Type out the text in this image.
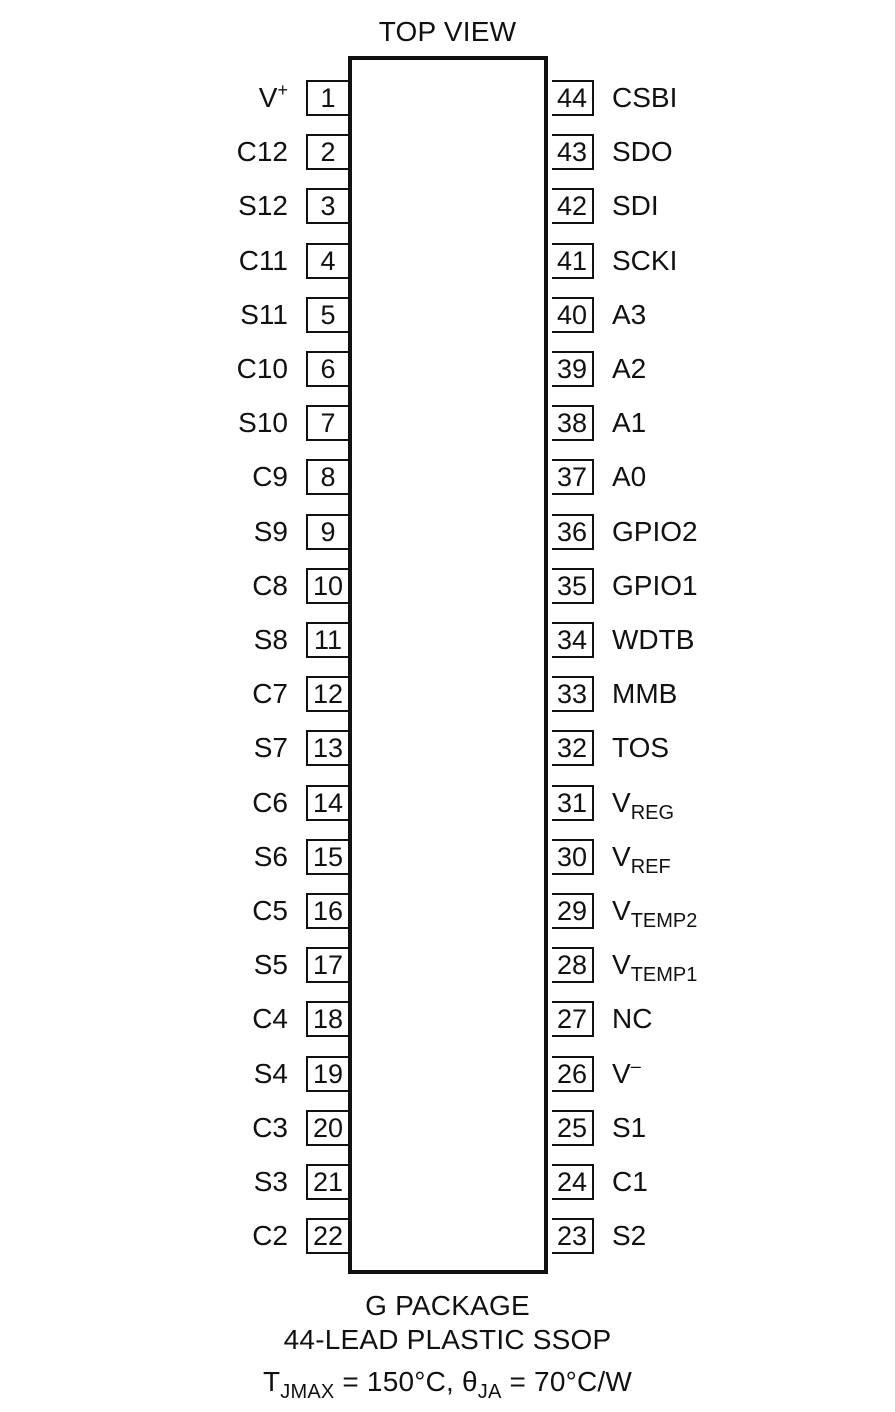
TOP VIEW
1
V+
2
C12
3
S12
4
C11
5
S11
6
C10
7
S10
8
C9
9
S9
10
C8
11
S8
12
C7
13
S7
14
C6
15
S6
16
C5
17
S5
18
C4
19
S4
20
C3
21
S3
22
C2
44 CSBI
43 SDO
42 SDI
41 SCKI
40 A3
39 A2
38 A1
37 A0
36 GPIO2
35 GPIO1
34 WDTB
33 MMB
32 TOS
31 $V_{REG}$
30 $V_{REF}$
29 $V_{TEMP2}$
28 $V_{TEMP1}$
27 NC
26 V–
25 S1
24 C1
23 S2
G PACKAGE
44-LEAD PLASTIC SSOP
$T_{JMAX} = 150^\circ C$, $\theta_{JA} = 70^\circ C/W$
